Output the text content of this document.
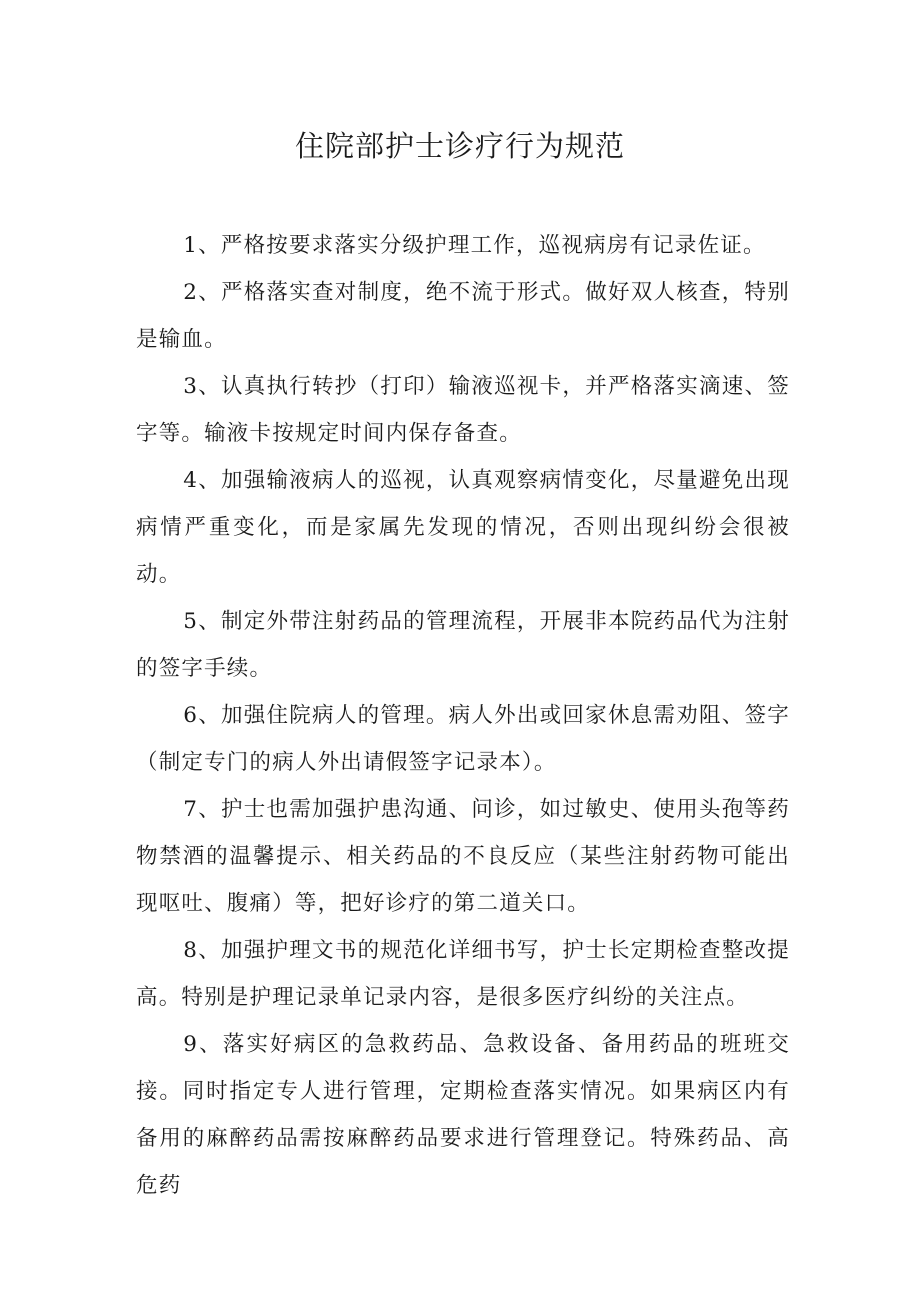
住院部护士诊疗行为规范

1、严格按要求落实分级护理工作，巡视病房有记录佐证。

2、严格落实查对制度，绝不流于形式。做好双人核查，特别是输血。

3、认真执行转抄（打印）输液巡视卡，并严格落实滴速、签字等。输液卡按规定时间内保存备查。

4、加强输液病人的巡视，认真观察病情变化，尽量避免出现病情严重变化，而是家属先发现的情况，否则出现纠纷会很被动。

5、制定外带注射药品的管理流程，开展非本院药品代为注射的签字手续。

6、加强住院病人的管理。病人外出或回家休息需劝阻、签字（制定专门的病人外出请假签字记录本）。

7、护士也需加强护患沟通、问诊，如过敏史、使用头孢等药物禁酒的温馨提示、相关药品的不良反应（某些注射药物可能出现呕吐、腹痛）等，把好诊疗的第二道关口。

8、加强护理文书的规范化详细书写，护士长定期检查整改提高。特别是护理记录单记录内容，是很多医疗纠纷的关注点。

9、落实好病区的急救药品、急救设备、备用药品的班班交接。同时指定专人进行管理，定期检查落实情况。如果病区内有备用的麻醉药品需按麻醉药品要求进行管理登记。特殊药品、高危药
